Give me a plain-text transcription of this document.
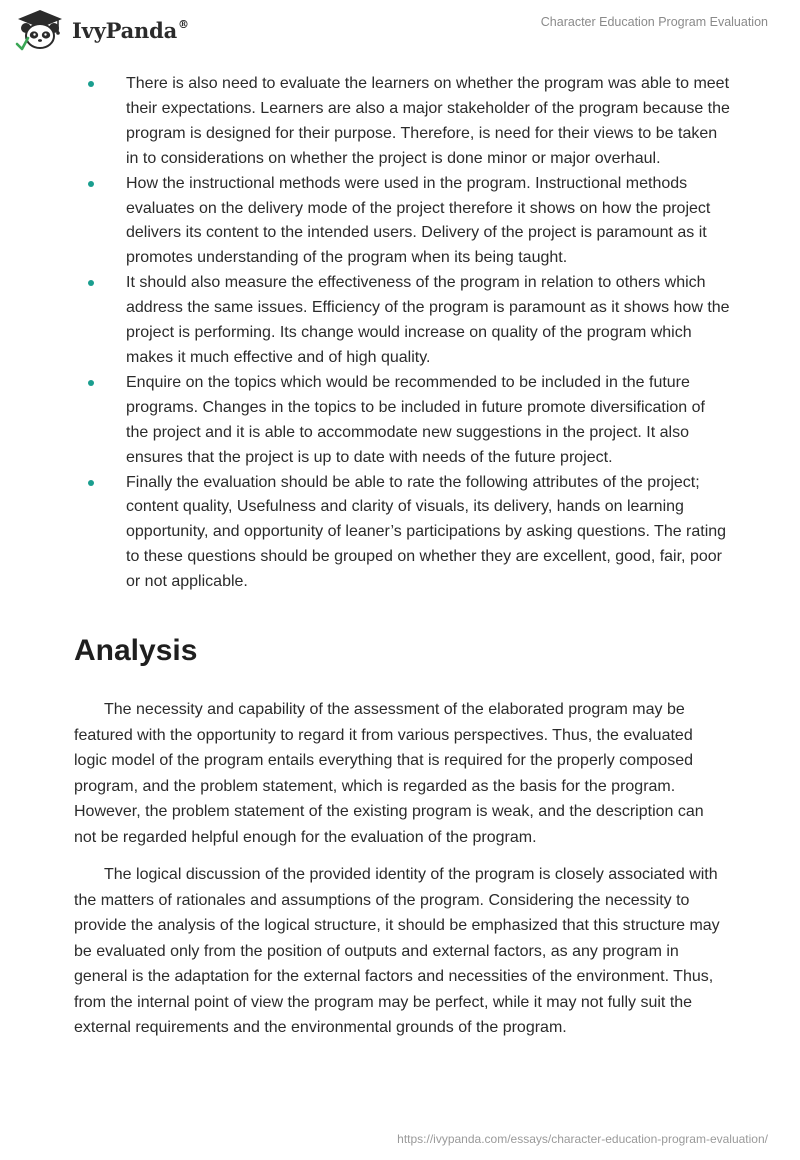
IvyPanda®	Character Education Program Evaluation
There is also need to evaluate the learners on whether the program was able to meet their expectations. Learners are also a major stakeholder of the program because the program is designed for their purpose. Therefore, is need for their views to be taken in to considerations on whether the project is done minor or major overhaul.
How the instructional methods were used in the program. Instructional methods evaluates on the delivery mode of the project therefore it shows on how the project delivers its content to the intended users. Delivery of the project is paramount as it promotes understanding of the program when its being taught.
It should also measure the effectiveness of the program in relation to others which address the same issues. Efficiency of the program is paramount as it shows how the project is performing. Its change would increase on quality of the program which makes it much effective and of high quality.
Enquire on the topics which would be recommended to be included in the future programs. Changes in the topics to be included in future promote diversification of the project and it is able to accommodate new suggestions in the project. It also ensures that the project is up to date with needs of the future project.
Finally the evaluation should be able to rate the following attributes of the project; content quality, Usefulness and clarity of visuals, its delivery, hands on learning opportunity, and opportunity of leaner’s participations by asking questions. The rating to these questions should be grouped on whether they are excellent, good, fair, poor or not applicable.
Analysis

The necessity and capability of the assessment of the elaborated program may be featured with the opportunity to regard it from various perspectives. Thus, the evaluated logic model of the program entails everything that is required for the properly composed program, and the problem statement, which is regarded as the basis for the program. However, the problem statement of the existing program is weak, and the description can not be regarded helpful enough for the evaluation of the program.

The logical discussion of the provided identity of the program is closely associated with the matters of rationales and assumptions of the program. Considering the necessity to provide the analysis of the logical structure, it should be emphasized that this structure may be evaluated only from the position of outputs and external factors, as any program in general is the adaptation for the external factors and necessities of the environment. Thus, from the internal point of view the program may be perfect, while it may not fully suit the external requirements and the environmental grounds of the program.

https://ivypanda.com/essays/character-education-program-evaluation/
